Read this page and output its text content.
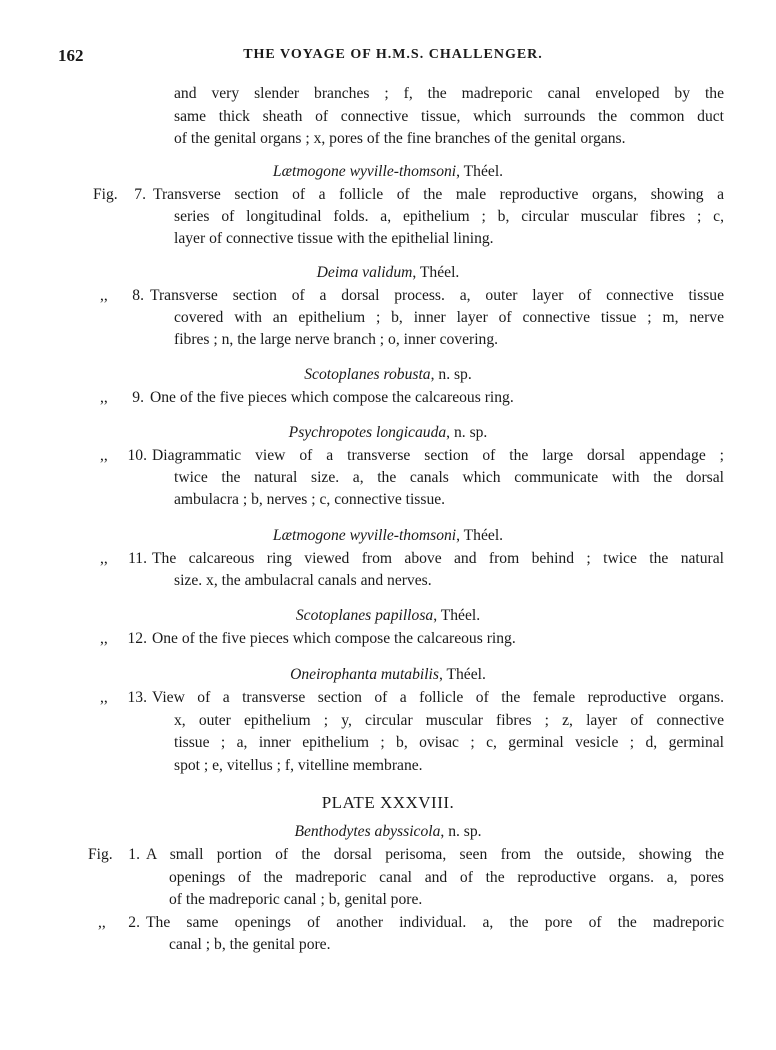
162	THE VOYAGE OF H.M.S. CHALLENGER.
and very slender branches ; f, the madreporic canal enveloped by the
same thick sheath of connective tissue, which surrounds the common duct
of the genital organs ; x, pores of the fine branches of the genital organs.
Lætmogone wyville-thomsoni, Théel.
Fig.	7. Transverse section of a follicle of the male reproductive organs, showing a
series of longitudinal folds. a, epithelium ; b, circular muscular fibres ; c,
layer of connective tissue with the epithelial lining.
Deima validum, Théel.
,,	8. Transverse section of a dorsal process. a, outer layer of connective tissue
covered with an epithelium ; b, inner layer of connective tissue ; m, nerve
fibres ; n, the large nerve branch ; o, inner covering.
Scotoplanes robusta, n. sp.
,,	9. One of the five pieces which compose the calcareous ring.
Psychropotes longicauda, n. sp.
,,	10. Diagrammatic view of a transverse section of the large dorsal appendage ;
twice the natural size. a, the canals which communicate with the dorsal
ambulacra ; b, nerves ; c, connective tissue.
Lætmogone wyville-thomsoni, Théel.
,,	11. The calcareous ring viewed from above and from behind ; twice the natural
size. x, the ambulacral canals and nerves.
Scotoplanes papillosa, Théel.
,,	12. One of the five pieces which compose the calcareous ring.
Oneirophanta mutabilis, Théel.
,,	13. View of a transverse section of a follicle of the female reproductive organs.
x, outer epithelium ; y, circular muscular fibres ; z, layer of connective
tissue ; a, inner epithelium ; b, ovisac ; c, germinal vesicle ; d, germinal
spot ; e, vitellus ; f, vitelline membrane.
PLATE XXXVIII.
Benthodytes abyssicola, n. sp.
Fig. 1. A small portion of the dorsal perisoma, seen from the outside, showing the
openings of the madreporic canal and of the reproductive organs. a, pores
of the madreporic canal ; b, genital pore.
,,	2. The same openings of another individual. a, the pore of the madreporic
canal ; b, the genital pore.
